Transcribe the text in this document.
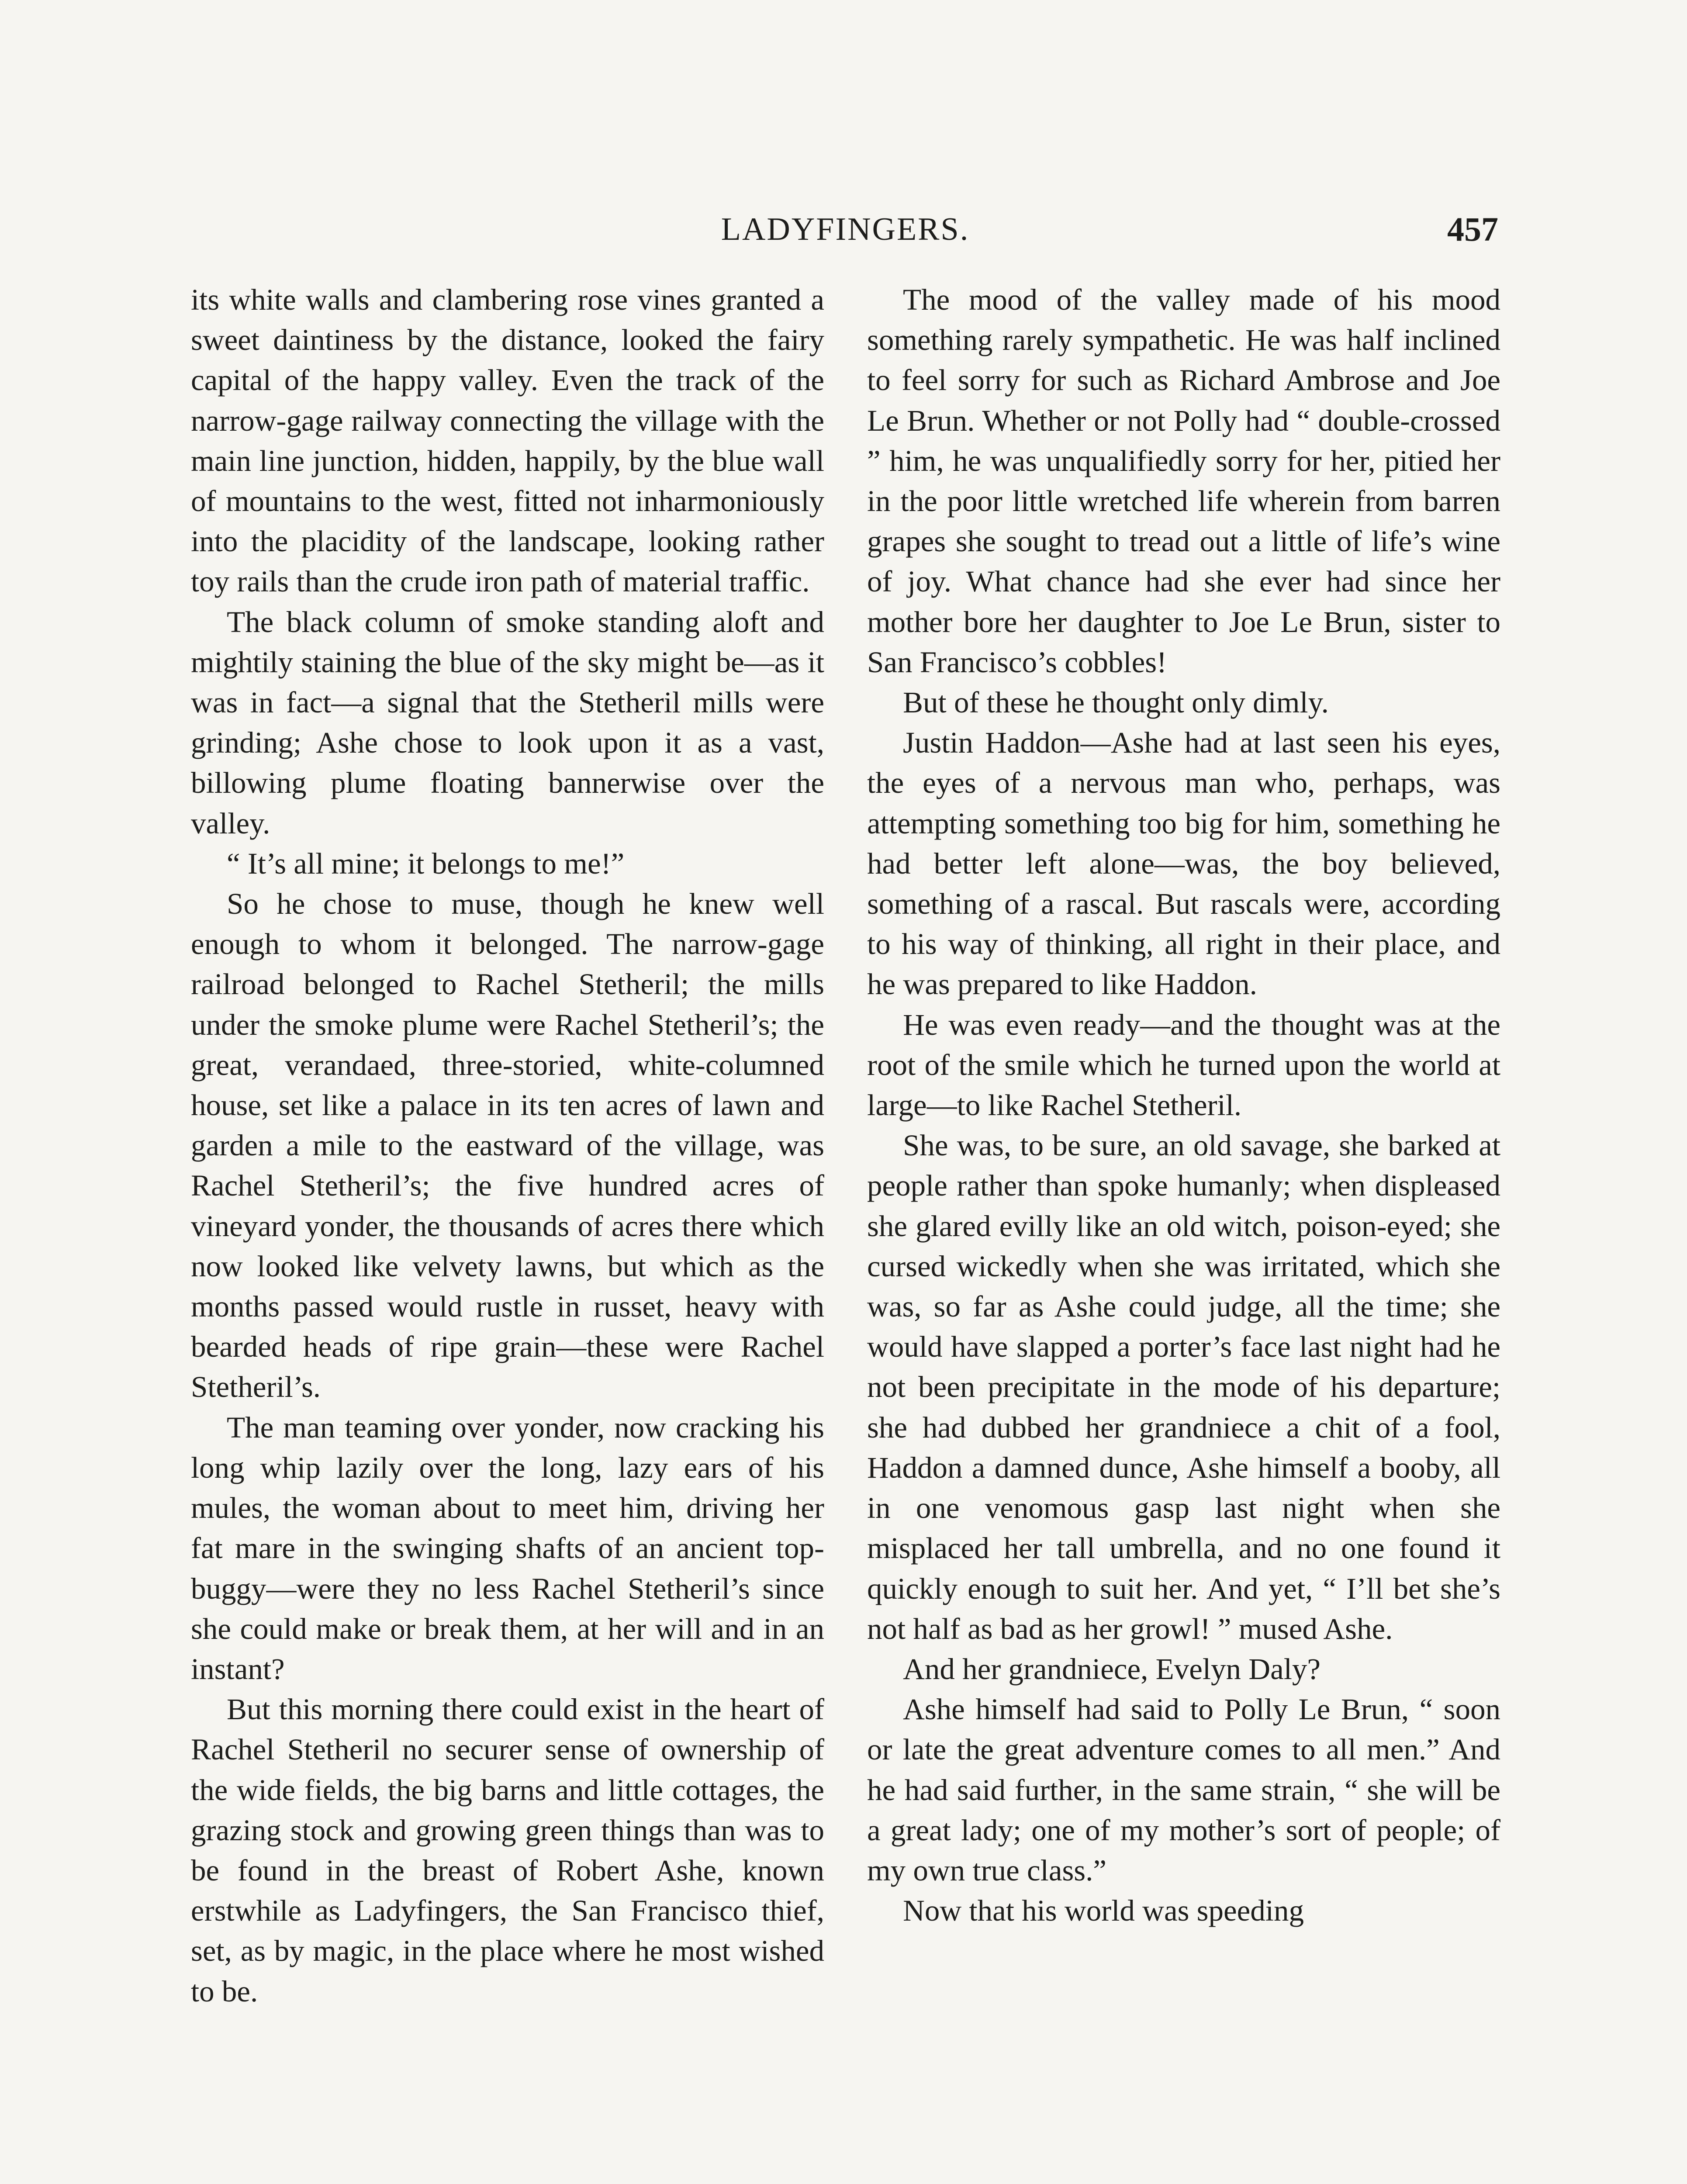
LADYFINGERS.	457

its white walls and clambering rose vines granted a sweet daintiness by the distance, looked the fairy capital of the happy valley. Even the track of the narrow-gage railway connecting the village with the main line junction, hidden, happily, by the blue wall of mountains to the west, fitted not inharmoniously into the placidity of the landscape, looking rather toy rails than the crude iron path of material traffic.

The black column of smoke standing aloft and mightily staining the blue of the sky might be—as it was in fact—a signal that the Stetheril mills were grinding; Ashe chose to look upon it as a vast, billowing plume floating bannerwise over the valley.

“ It’s all mine; it belongs to me!”

So he chose to muse, though he knew well enough to whom it belonged. The narrow-gage railroad belonged to Rachel Stetheril; the mills under the smoke plume were Rachel Stetheril’s; the great, verandaed, three-storied, white-columned house, set like a palace in its ten acres of lawn and garden a mile to the eastward of the village, was Rachel Stetheril’s; the five hundred acres of vineyard yonder, the thousands of acres there which now looked like velvety lawns, but which as the months passed would rustle in russet, heavy with bearded heads of ripe grain—these were Rachel Stetheril’s.

The man teaming over yonder, now cracking his long whip lazily over the long, lazy ears of his mules, the woman about to meet him, driving her fat mare in the swinging shafts of an ancient top-buggy—were they no less Rachel Stetheril’s since she could make or break them, at her will and in an instant?

But this morning there could exist in the heart of Rachel Stetheril no securer sense of ownership of the wide fields, the big barns and little cottages, the grazing stock and growing green things than was to be found in the breast of Robert Ashe, known erstwhile as Ladyfingers, the San Francisco thief, set, as by magic, in the place where he most wished to be.

The mood of the valley made of his mood something rarely sympathetic. He was half inclined to feel sorry for such as Richard Ambrose and Joe Le Brun. Whether or not Polly had “ double-crossed ” him, he was unqualifiedly sorry for her, pitied her in the poor little wretched life wherein from barren grapes she sought to tread out a little of life’s wine of joy. What chance had she ever had since her mother bore her daughter to Joe Le Brun, sister to San Francisco’s cobbles!

But of these he thought only dimly.

Justin Haddon—Ashe had at last seen his eyes, the eyes of a nervous man who, perhaps, was attempting something too big for him, something he had better left alone—was, the boy believed, something of a rascal. But rascals were, according to his way of thinking, all right in their place, and he was prepared to like Haddon.

He was even ready—and the thought was at the root of the smile which he turned upon the world at large—to like Rachel Stetheril.

She was, to be sure, an old savage, she barked at people rather than spoke humanly; when displeased she glared evilly like an old witch, poison-eyed; she cursed wickedly when she was irritated, which she was, so far as Ashe could judge, all the time; she would have slapped a porter’s face last night had he not been precipitate in the mode of his departure; she had dubbed her grandniece a chit of a fool, Haddon a damned dunce, Ashe himself a booby, all in one venomous gasp last night when she misplaced her tall umbrella, and no one found it quickly enough to suit her. And yet, “ I’ll bet she’s not half as bad as her growl! ” mused Ashe.

And her grandniece, Evelyn Daly?

Ashe himself had said to Polly Le Brun, “ soon or late the great adventure comes to all men.” And he had said further, in the same strain, “ she will be a great lady; one of my mother’s sort of people; of my own true class.”

Now that his world was speeding
